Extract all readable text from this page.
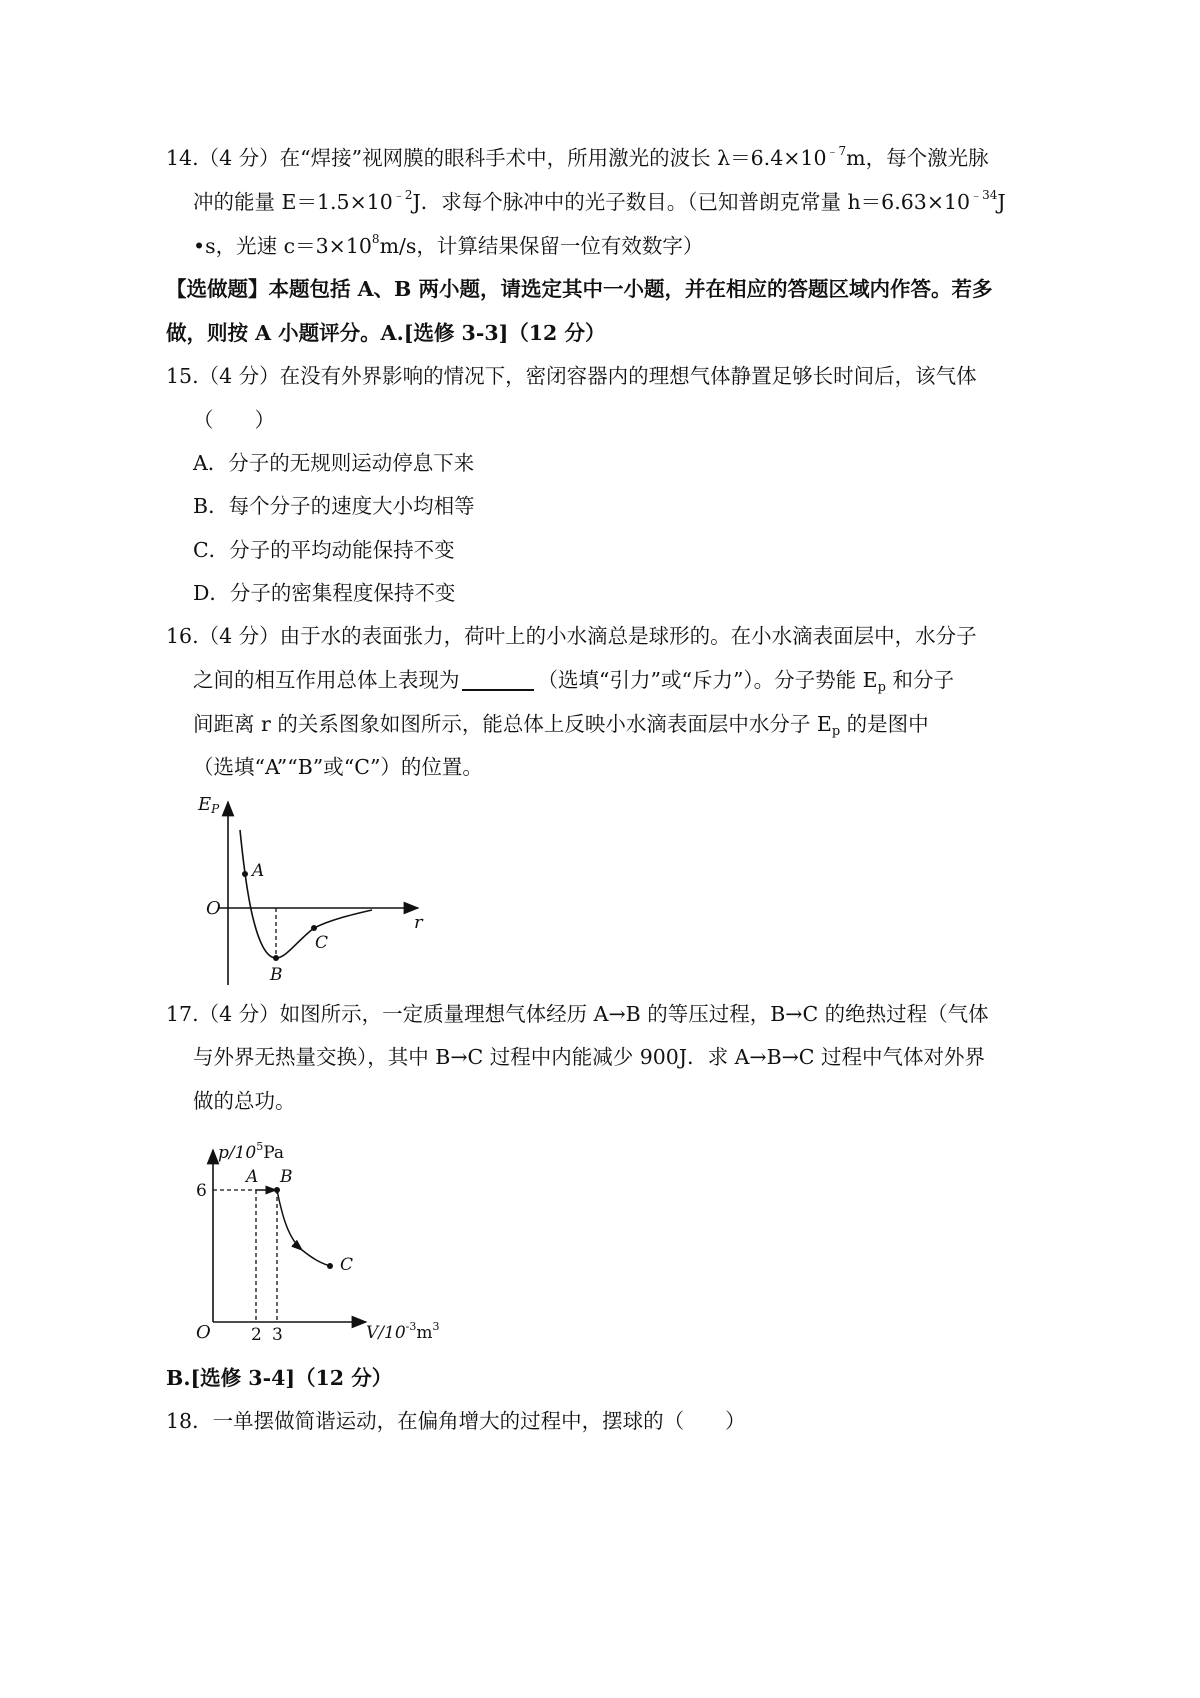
14.（4 分）在“焊接”视网膜的眼科手术中，所用激光的波长 $\lambda=6.4\times 10^{﹣7}m$，每个激光脉
冲的能量 $E=1.5\times 10^{﹣2}J$．求每个脉冲中的光子数目。（已知普朗克常量 $h=6.63\times 10^{﹣34}J$
•s，光速 $c=3\times 10^8m/s$，计算结果保留一位有效数字）
【选做题】本题包括 A、B 两小题，请选定其中一小题，并在相应的答题区域内作答。若多
做，则按 A 小题评分。A.[选修 3-3]（12 分）
15.（4 分）在没有外界影响的情况下，密闭容器内的理想气体静置足够长时间后，该气体
（　　）
A．分子的无规则运动停息下来
B．每个分子的速度大小均相等
C．分子的平均动能保持不变
D．分子的密集程度保持不变
16.（4 分）由于水的表面张力，荷叶上的小水滴总是球形的。在小水滴表面层中，水分子
之间的相互作用总体上表现为	（选填“引力”或“斥力”）。分子势能 $E_p$ 和分子
间距离 r 的关系图象如图所示，能总体上反映小水滴表面层中水分子 $E_p$ 的是图中
（选填“A”“B”或“C”）的位置。
EP
r
O
A
B
C
17.（4 分）如图所示，一定质量理想气体经历 A→B 的等压过程，B→C 的绝热过程（气体
与外界无热量交换），其中 B→C 过程中内能减少 900J．求 A→B→C 过程中气体对外界
做的总功。
$p/10^5Pa$
$V/10^{-3}m^3$
O
6
2 3
A B
C
B.[选修 3-4]（12 分）
18．一单摆做简谐运动，在偏角增大的过程中，摆球的（　　）
